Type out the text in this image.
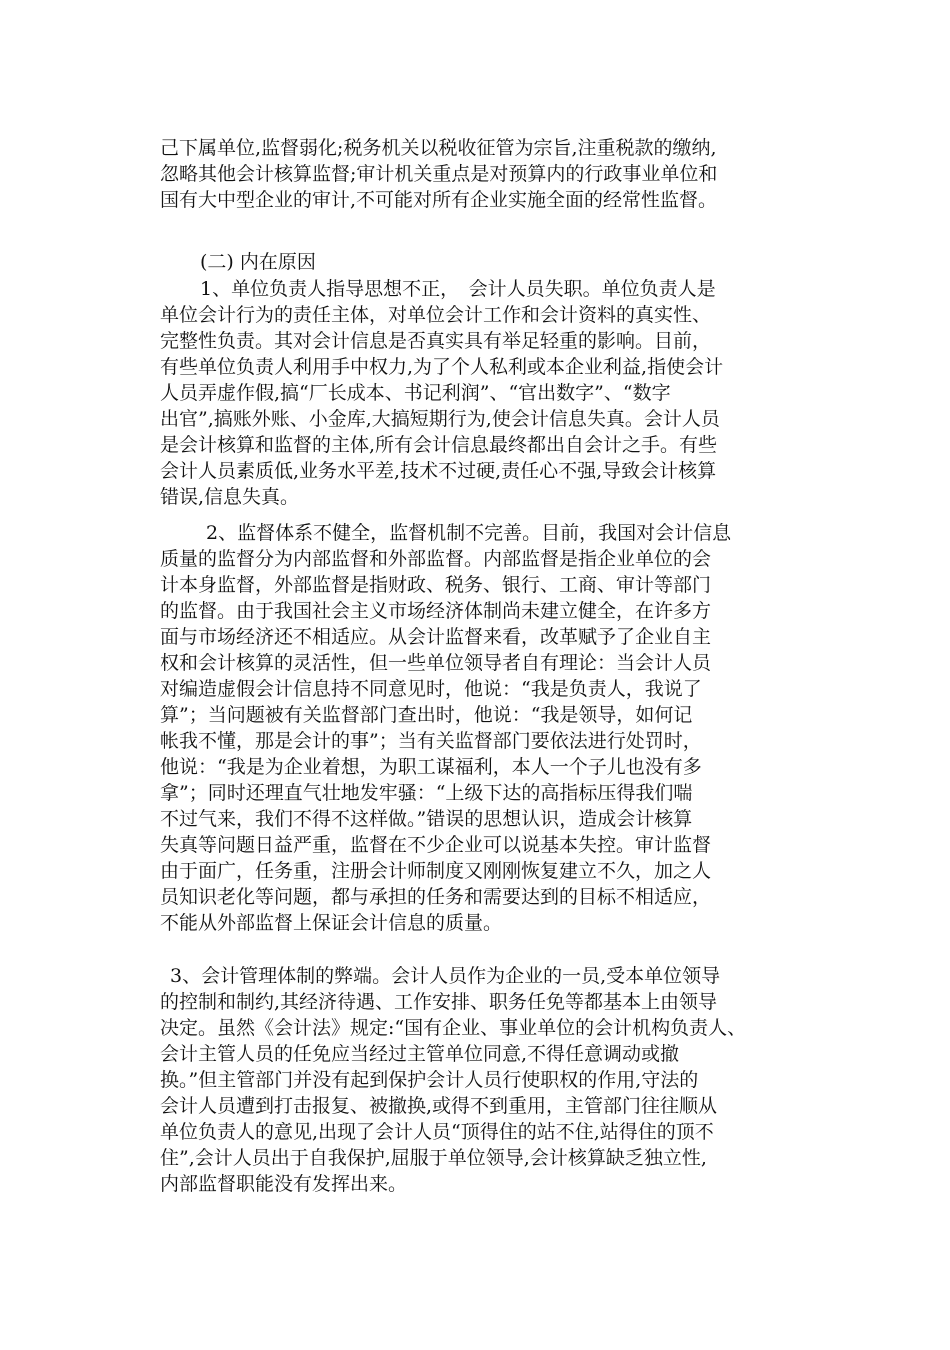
己下属单位,监督弱化;税务机关以税收征管为宗旨,注重税款的缴纳,
忽略其他会计核算监督;审计机关重点是对预算内的行政事业单位和
国有大中型企业的审计,不可能对所有企业实施全面的经常性监督。
(二) 内在原因
1、单位负责人指导思想不正，　会计人员失职。单位负责人是
单位会计行为的责任主体，对单位会计工作和会计资料的真实性、
完整性负责。其对会计信息是否真实具有举足轻重的影响。目前，
有些单位负责人利用手中权力,为了个人私利或本企业利益,指使会计
人员弄虚作假,搞“厂长成本、书记利润”、“官出数字”、“数字
出官”,搞账外账、小金库,大搞短期行为,使会计信息失真。会计人员
是会计核算和监督的主体,所有会计信息最终都出自会计之手。有些
会计人员素质低,业务水平差,技术不过硬,责任心不强,导致会计核算
错误,信息失真。
2、监督体系不健全，监督机制不完善。目前，我国对会计信息
质量的监督分为内部监督和外部监督。内部监督是指企业单位的会
计本身监督，外部监督是指财政、税务、银行、工商、审计等部门
的监督。由于我国社会主义市场经济体制尚未建立健全，在许多方
面与市场经济还不相适应。从会计监督来看，改革赋予了企业自主
权和会计核算的灵活性，但一些单位领导者自有理论：当会计人员
对编造虚假会计信息持不同意见时，他说：“我是负责人，我说了
算”；当问题被有关监督部门查出时，他说：“我是领导，如何记
帐我不懂，那是会计的事”；当有关监督部门要依法进行处罚时，
他说：“我是为企业着想，为职工谋福利，本人一个子儿也没有多
拿”；同时还理直气壮地发牢骚：“上级下达的高指标压得我们喘
不过气来，我们不得不这样做。”错误的思想认识，造成会计核算
失真等问题日益严重，监督在不少企业可以说基本失控。审计监督
由于面广，任务重，注册会计师制度又刚刚恢复建立不久，加之人
员知识老化等问题，都与承担的任务和需要达到的目标不相适应，
不能从外部监督上保证会计信息的质量。
3、会计管理体制的弊端。会计人员作为企业的一员,受本单位领导
的控制和制约,其经济待遇、工作安排、职务任免等都基本上由领导
决定。虽然《会计法》规定:“国有企业、事业单位的会计机构负责人、
会计主管人员的任免应当经过主管单位同意,不得任意调动或撤
换。”但主管部门并没有起到保护会计人员行使职权的作用,守法的
会计人员遭到打击报复、被撤换,或得不到重用，主管部门往往顺从
单位负责人的意见,出现了会计人员“顶得住的站不住,站得住的顶不
住”,会计人员出于自我保护,屈服于单位领导,会计核算缺乏独立性,
内部监督职能没有发挥出来。
